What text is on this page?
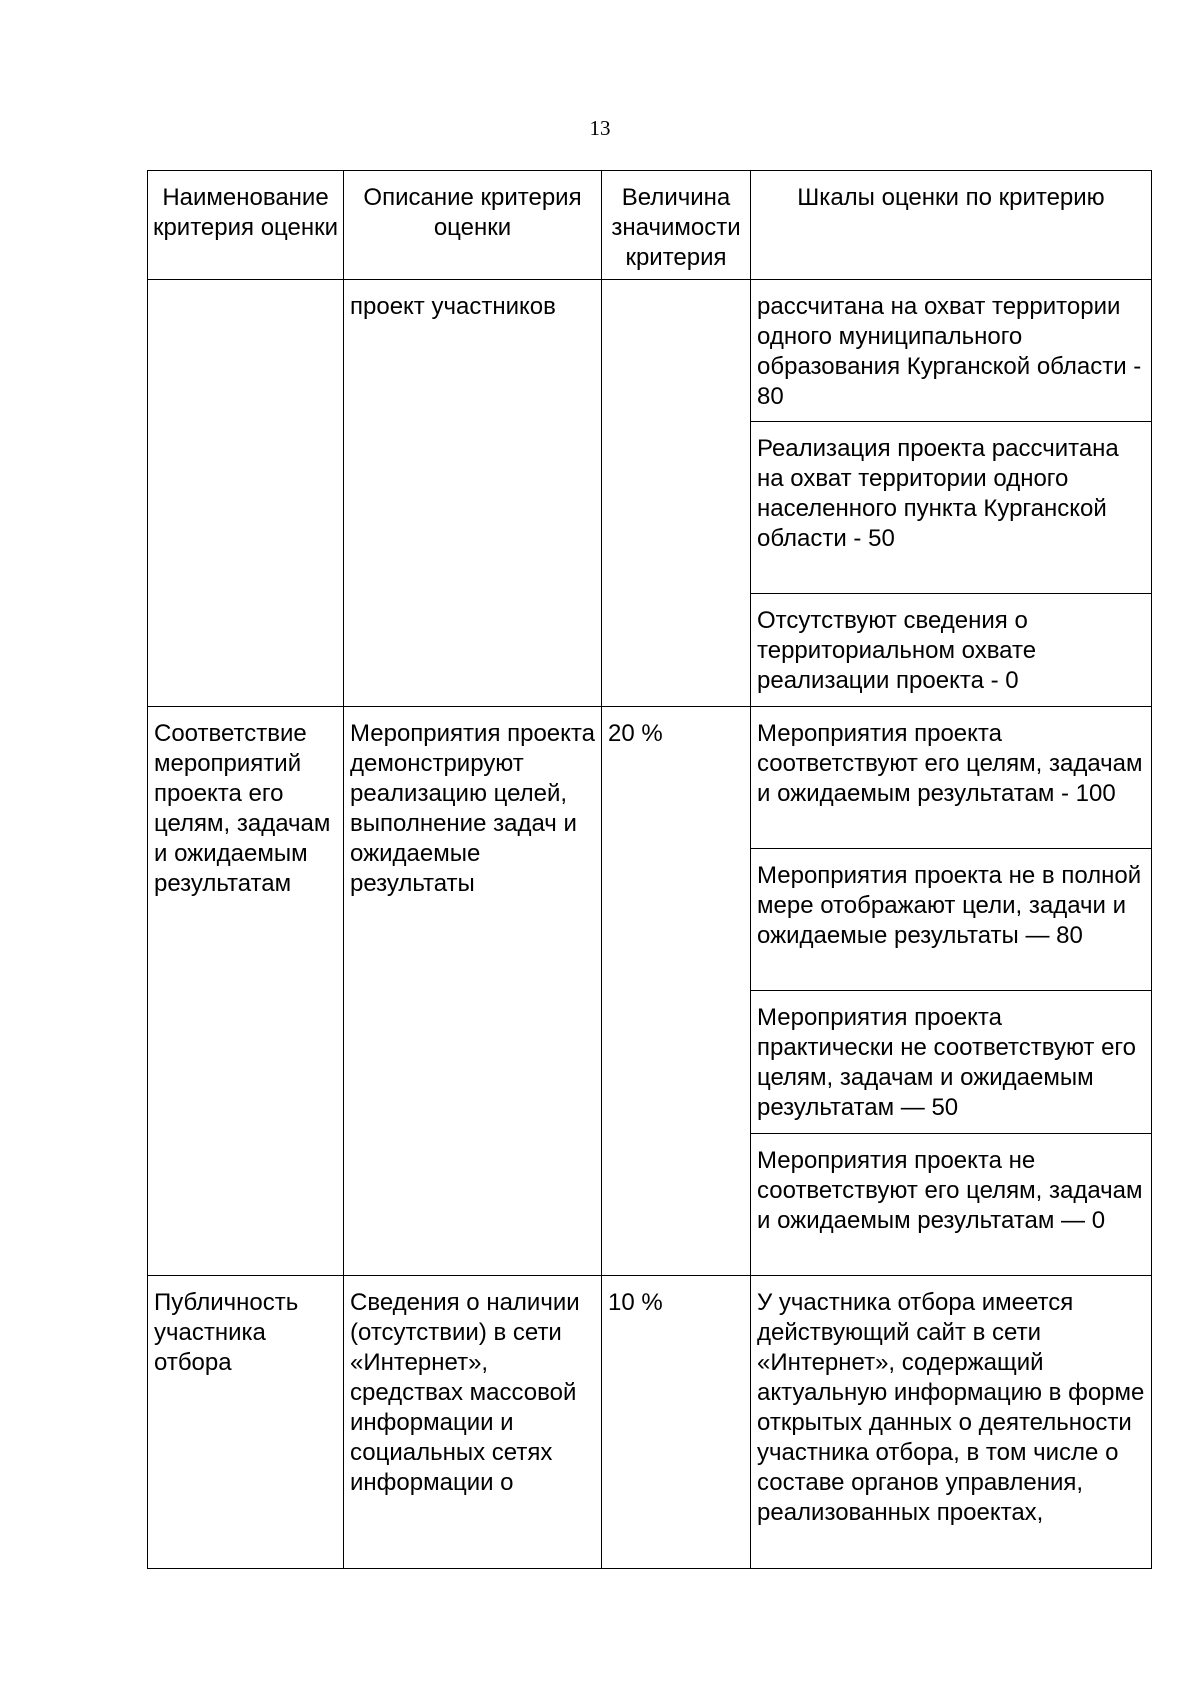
13
Наименование критерия оценки	Описание критерия оценки	Величина значимости критерия	Шкалы оценки по критерию
	проект участников		рассчитана на охват территории одного муниципального образования Курганской области - 80
			Реализация проекта рассчитана на охват территории одного населенного пункта Курганской области - 50
			Отсутствуют сведения о территориальном охвате реализации проекта - 0
Соответствие мероприятий проекта его целям, задачам и ожидаемым результатам	Мероприятия проекта демонстрируют реализацию целей, выполнение задач и ожидаемые результаты	20 %	Мероприятия проекта соответствуют его целям, задачам и ожидаемым результатам - 100
			Мероприятия проекта не в полной мере отображают цели, задачи и ожидаемые результаты — 80
			Мероприятия проекта практически не соответствуют его целям, задачам и ожидаемым результатам — 50
			Мероприятия проекта не соответствуют его целям, задачам и ожидаемым результатам — 0
Публичность участника отбора	Сведения о наличии (отсутствии) в сети «Интернет», средствах массовой информации и социальных сетях информации о	10 %	У участника отбора имеется действующий сайт в сети «Интернет», содержащий актуальную информацию в форме открытых данных о деятельности участника отбора, в том числе о составе органов управления, реализованных проектах,
